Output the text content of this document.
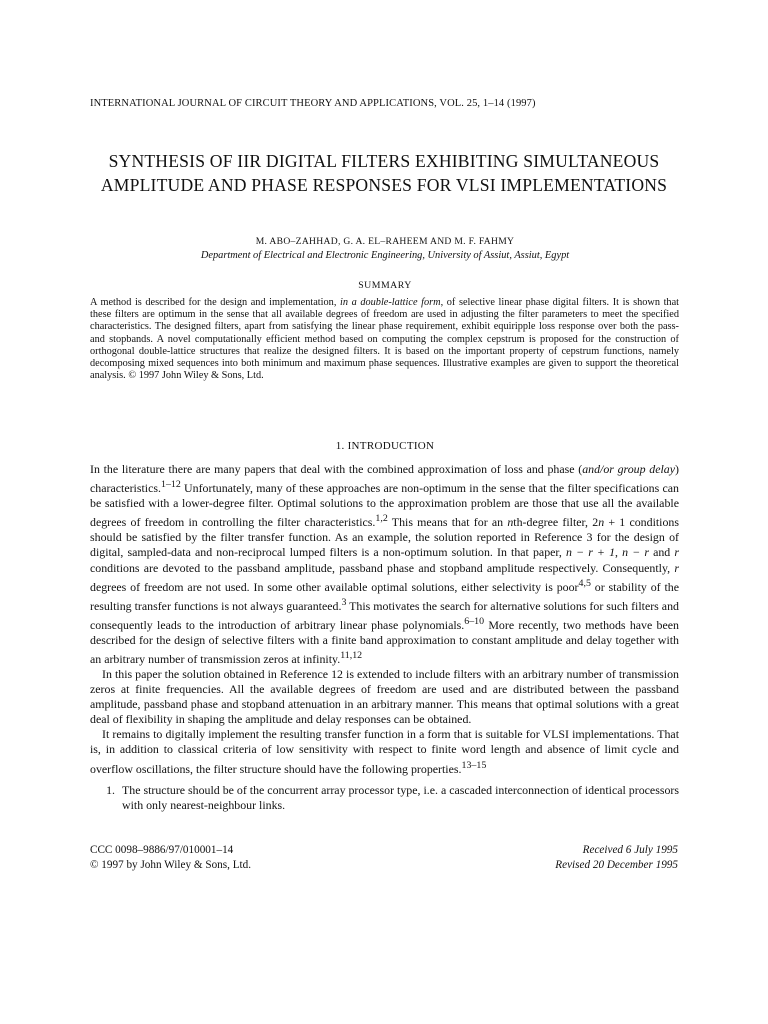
INTERNATIONAL JOURNAL OF CIRCUIT THEORY AND APPLICATIONS, VOL. 25, 1–14 (1997)
SYNTHESIS OF IIR DIGITAL FILTERS EXHIBITING SIMULTANEOUS AMPLITUDE AND PHASE RESPONSES FOR VLSI IMPLEMENTATIONS
M. ABO–ZAHHAD, G. A. EL–RAHEEM AND M. F. FAHMY
Department of Electrical and Electronic Engineering, University of Assiut, Assiut, Egypt
SUMMARY

A method is described for the design and implementation, in a double-lattice form, of selective linear phase digital filters. It is shown that these filters are optimum in the sense that all available degrees of freedom are used in adjusting the filter parameters to meet the specified characteristics. The designed filters, apart from satisfying the linear phase requirement, exhibit equiripple loss response over both the pass- and stopbands. A novel computationally efficient method based on computing the complex cepstrum is proposed for the construction of orthogonal double-lattice structures that realize the designed filters. It is based on the important property of cepstrum functions, namely decomposing mixed sequences into both minimum and maximum phase sequences. Illustrative examples are given to support the theoretical analysis. © 1997 John Wiley & Sons, Ltd.

1. INTRODUCTION

In the literature there are many papers that deal with the combined approximation of loss and phase (and/or group delay) characteristics.$^{1-12}$ Unfortunately, many of these approaches are non-optimum in the sense that the filter specifications can be satisfied with a lower-degree filter. Optimal solutions to the approximation problem are those that use all the available degrees of freedom in controlling the filter characteristics.$^{1,2}$ This means that for an nth-degree filter, 2n + 1 conditions should be satisfied by the filter transfer function. As an example, the solution reported in Reference 3 for the design of digital, sampled-data and non-reciprocal lumped filters is a non-optimum solution. In that paper, n − r + 1, n − r and r conditions are devoted to the passband amplitude, passband phase and stopband amplitude respectively. Consequently, r degrees of freedom are not used. In some other available optimal solutions, either selectivity is poor$^{4,5}$ or stability of the resulting transfer functions is not always guaranteed.$^3$ This motivates the search for alternative solutions for such filters and consequently leads to the introduction of arbitrary linear phase polynomials.$^{6-10}$ More recently, two methods have been described for the design of selective filters with a finite band approximation to constant amplitude and delay together with an arbitrary number of transmission zeros at infinity.$^{11,12}$

In this paper the solution obtained in Reference 12 is extended to include filters with an arbitrary number of transmission zeros at finite frequencies. All the available degrees of freedom are used and are distributed between the passband amplitude, passband phase and stopband attenuation in an arbitrary manner. This means that optimal solutions with a great deal of flexibility in shaping the amplitude and delay responses can be obtained.

It remains to digitally implement the resulting transfer function in a form that is suitable for VLSI implementations. That is, in addition to classical criteria of low sensitivity with respect to finite word length and absence of limit cycle and overflow oscillations, the filter structure should have the following properties.$^{13-15}$

1. The structure should be of the concurrent array processor type, i.e. a cascaded interconnection of identical processors with only nearest-neighbour links.
CCC 0098–9886/97/010001–14
© 1997 by John Wiley & Sons, Ltd.
Received 6 July 1995
Revised 20 December 1995
